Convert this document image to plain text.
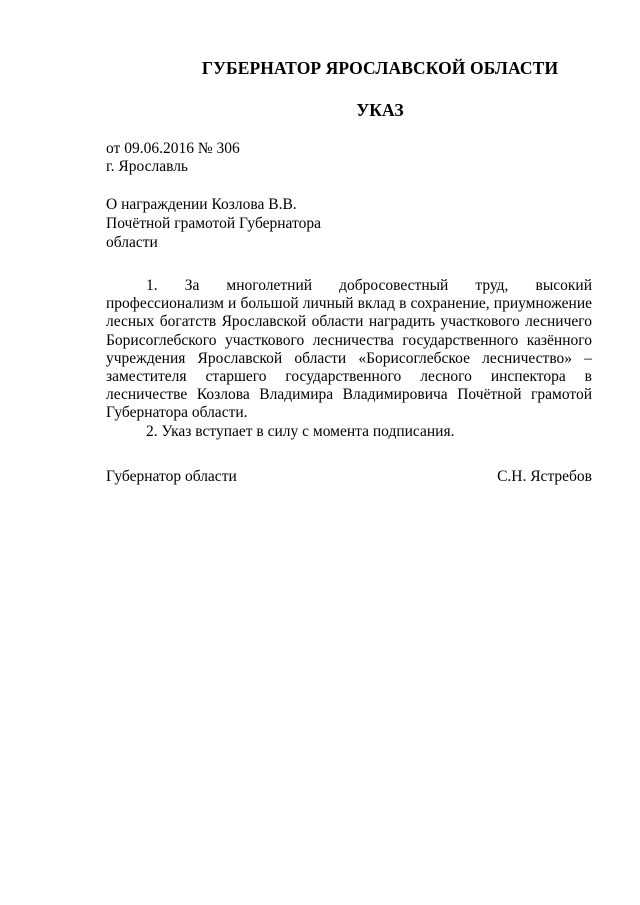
ГУБЕРНАТОР ЯРОСЛАВСКОЙ ОБЛАСТИ
УКАЗ
от 09.06.2016 № 306
г. Ярославль
О награждении Козлова В.В.
Почётной грамотой Губернатора
области

1. За многолетний добросовестный труд, высокий профессионализм и большой личный вклад в сохранение, приумножение лесных богатств Ярославской области наградить участкового лесничего Борисоглебского участкового лесничества государственного казённого учреждения Ярославской области «Борисоглебское лесничество» – заместителя старшего государственного лесного инспектора в лесничестве Козлова Владимира Владимировича Почётной грамотой Губернатора области.

2. Указ вступает в силу с момента подписания.

Губернатор области	С.Н. Ястребов
